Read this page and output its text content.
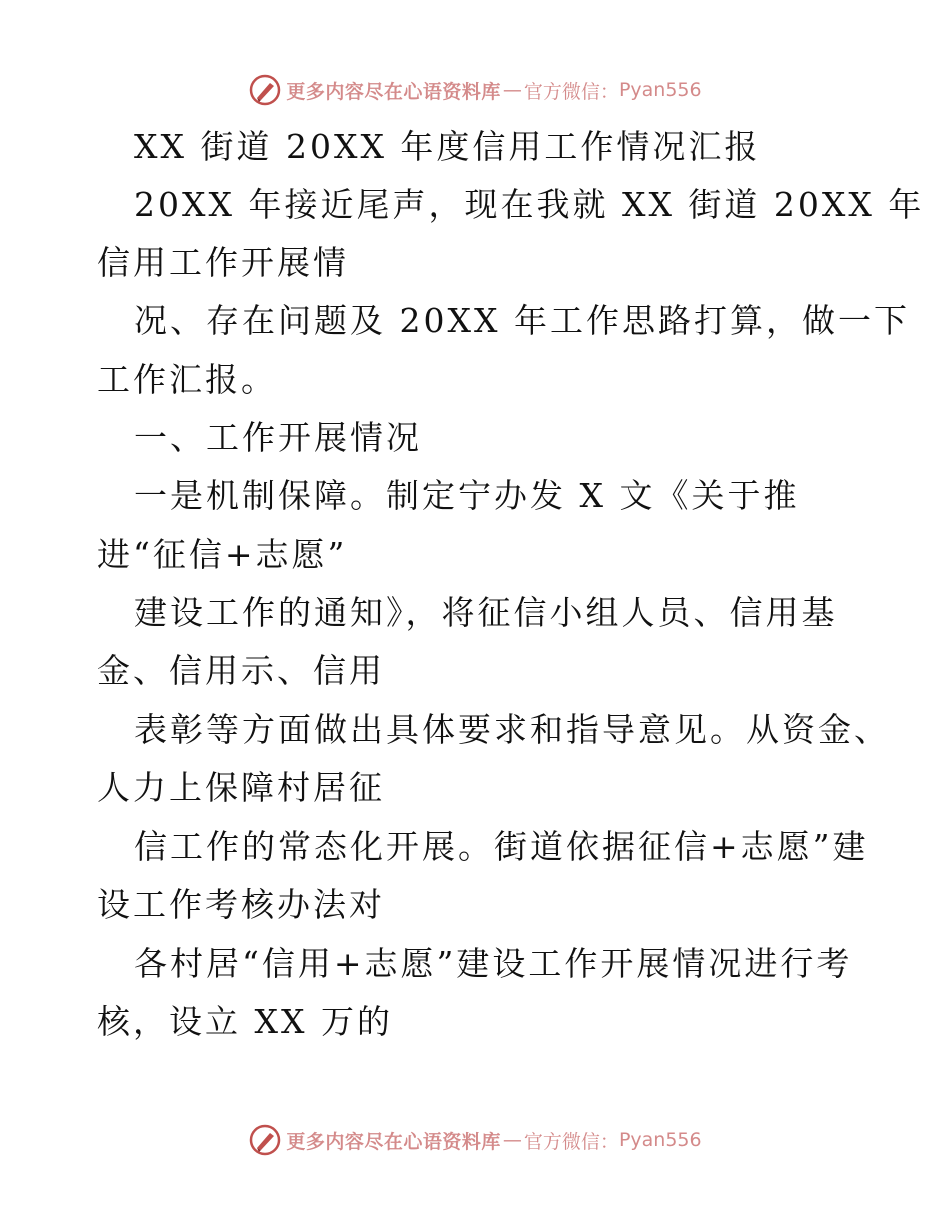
更多内容尽在心语资料库 — 官方微信： Pyan556
XX 街道 20XX 年度信用工作情况汇报
20XX 年接近尾声，现在我就 XX 街道 20XX 年
信用工作开展情
况、存在问题及 20XX 年工作思路打算，做一下
工作汇报。
一、工作开展情况
一是机制保障。制定宁办发 X 文《关于推
进“征信+志愿”
建设工作的通知》，将征信小组人员、信用基
金、信用示、信用
表彰等方面做出具体要求和指导意见。从资金、
人力上保障村居征
信工作的常态化开展。街道依据征信+志愿”建
设工作考核办法对
各村居“信用+志愿”建设工作开展情况进行考
核，设立 XX 万的
更多内容尽在心语资料库 — 官方微信： Pyan556
